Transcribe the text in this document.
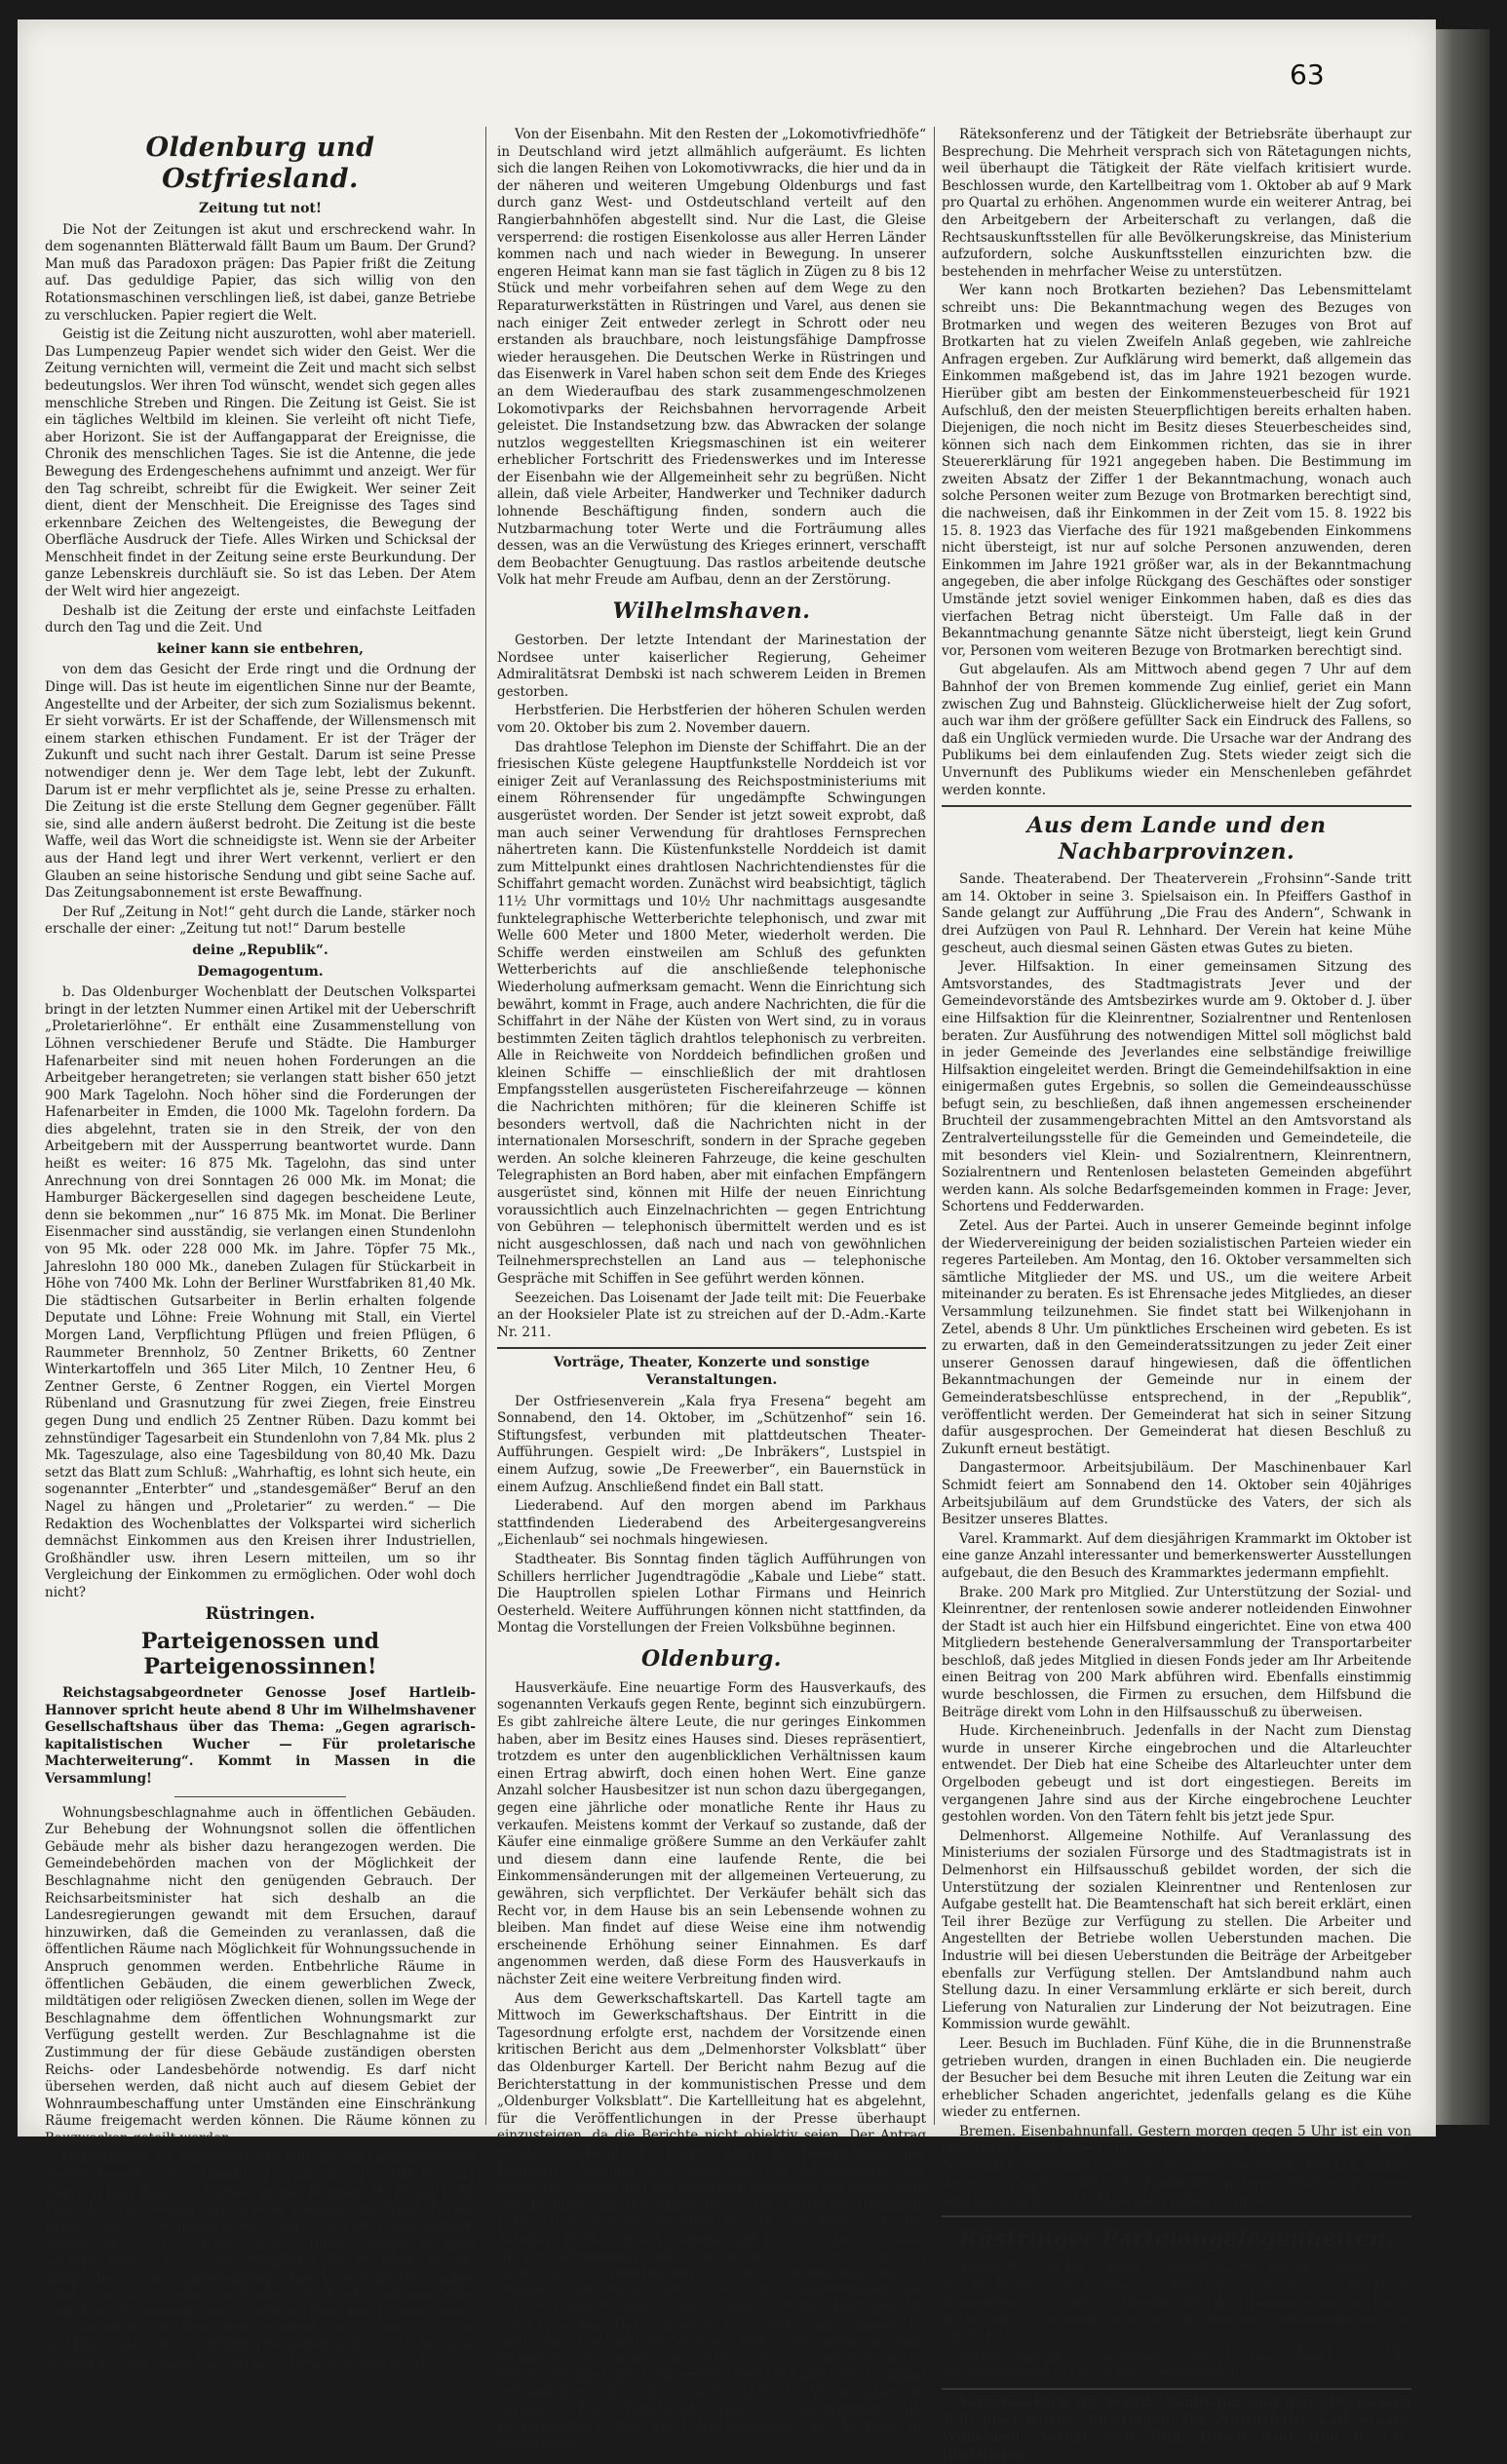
63
Oldenburg und Ostfriesland.
Zeitung tut not!

Die Not der Zeitungen ist akut und erschreckend wahr. In dem sogenannten Blätterwald fällt Baum um Baum. Der Grund? Man muß das Paradoxon prägen: Das Papier frißt die Zeitung auf. Das geduldige Papier, das sich willig von den Rotationsmaschinen verschlingen ließ, ist dabei, ganze Betriebe zu verschlucken. Papier regiert die Welt.

Geistig ist die Zeitung nicht auszurotten, wohl aber materiell. Das Lumpenzeug Papier wendet sich wider den Geist. Wer die Zeitung vernichten will, vermeint die Zeit und macht sich selbst bedeutungslos. Wer ihren Tod wünscht, wendet sich gegen alles menschliche Streben und Ringen. Die Zeitung ist Geist. Sie ist ein tägliches Weltbild im kleinen. Sie verleiht oft nicht Tiefe, aber Horizont. Sie ist der Auffangapparat der Ereignisse, die Chronik des menschlichen Tages. Sie ist die Antenne, die jede Bewegung des Erdengeschehens aufnimmt und anzeigt. Wer für den Tag schreibt, schreibt für die Ewigkeit. Wer seiner Zeit dient, dient der Menschheit. Die Ereignisse des Tages sind erkennbare Zeichen des Weltengeistes, die Bewegung der Oberfläche Ausdruck der Tiefe. Alles Wirken und Schicksal der Menschheit findet in der Zeitung seine erste Beurkundung. Der ganze Lebenskreis durchläuft sie. So ist das Leben. Der Atem der Welt wird hier angezeigt.

Deshalb ist die Zeitung der erste und einfachste Leitfaden durch den Tag und die Zeit. Und

keiner kann sie entbehren,

von dem das Gesicht der Erde ringt und die Ordnung der Dinge will. Das ist heute im eigentlichen Sinne nur der Beamte, Angestellte und der Arbeiter, der sich zum Sozialismus bekennt. Er sieht vorwärts. Er ist der Schaffende, der Willensmensch mit einem starken ethischen Fundament. Er ist der Träger der Zukunft und sucht nach ihrer Gestalt. Darum ist seine Presse notwendiger denn je. Wer dem Tage lebt, lebt der Zukunft. Darum ist er mehr verpflichtet als je, seine Presse zu erhalten. Die Zeitung ist die erste Stellung dem Gegner gegenüber. Fällt sie, sind alle andern äußerst bedroht. Die Zeitung ist die beste Waffe, weil das Wort die schneidigste ist. Wenn sie der Arbeiter aus der Hand legt und ihrer Wert verkennt, verliert er den Glauben an seine historische Sendung und gibt seine Sache auf. Das Zeitungsabonnement ist erste Bewaffnung.

Der Ruf „Zeitung in Not!“ geht durch die Lande, stärker noch erschalle der einer: „Zeitung tut not!“ Darum bestelle

deine „Republik“.
Demagogentum.

b. Das Oldenburger Wochenblatt der Deutschen Volkspartei bringt in der letzten Nummer einen Artikel mit der Ueberschrift „Proletarierlöhne“. Er enthält eine Zusammenstellung von Löhnen verschiedener Berufe und Städte. Die Hamburger Hafenarbeiter sind mit neuen hohen Forderungen an die Arbeitgeber herangetreten; sie verlangen statt bisher 650 jetzt 900 Mark Tagelohn. Noch höher sind die Forderungen der Hafenarbeiter in Emden, die 1000 Mk. Tagelohn fordern. Da dies abgelehnt, traten sie in den Streik, der von den Arbeitgebern mit der Aussperrung beantwortet wurde. Dann heißt es weiter: 16 875 Mk. Tagelohn, das sind unter Anrechnung von drei Sonntagen 26 000 Mk. im Monat; die Hamburger Bäckergesellen sind dagegen bescheidene Leute, denn sie bekommen „nur“ 16 875 Mk. im Monat. Die Berliner Eisenmacher sind ausständig, sie verlangen einen Stundenlohn von 95 Mk. oder 228 000 Mk. im Jahre. Töpfer 75 Mk., Jahreslohn 180 000 Mk., daneben Zulagen für Stückarbeit in Höhe von 7400 Mk. Lohn der Berliner Wurstfabriken 81,40 Mk. Die städtischen Gutsarbeiter in Berlin erhalten folgende Deputate und Löhne: Freie Wohnung mit Stall, ein Viertel Morgen Land, Verpflichtung Pflügen und freien Pflügen, 6 Raummeter Brennholz, 50 Zentner Briketts, 60 Zentner Winterkartoffeln und 365 Liter Milch, 10 Zentner Heu, 6 Zentner Gerste, 6 Zentner Roggen, ein Viertel Morgen Rübenland und Grasnutzung für zwei Ziegen, freie Einstreu gegen Dung und endlich 25 Zentner Rüben. Dazu kommt bei zehnstündiger Tagesarbeit ein Stundenlohn von 7,84 Mk. plus 2 Mk. Tageszulage, also eine Tagesbildung von 80,40 Mk. Dazu setzt das Blatt zum Schluß: „Wahrhaftig, es lohnt sich heute, ein sogenannter „Enterbter“ und „standesgemäßer“ Beruf an den Nagel zu hängen und „Proletarier“ zu werden.“ — Die Redaktion des Wochenblattes der Volkspartei wird sicherlich demnächst Einkommen aus den Kreisen ihrer Industriellen, Großhändler usw. ihren Lesern mitteilen, um so ihr Vergleichung der Einkommen zu ermöglichen. Oder wohl doch nicht?

Rüstringen.
Parteigenossen und Parteigenossinnen!

Reichstagsabgeordneter Genosse Josef Hartleib-Hannover spricht heute abend 8 Uhr im Wilhelmshavener Gesellschaftshaus über das Thema: „Gegen agrarisch-kapitalistischen Wucher — Für proletarische Machterweiterung“. Kommt in Massen in die Versammlung!

Wohnungsbeschlagnahme auch in öffentlichen Gebäuden. Zur Behebung der Wohnungsnot sollen die öffentlichen Gebäude mehr als bisher dazu herangezogen werden. Die Gemeindebehörden machen von der Möglichkeit der Beschlagnahme nicht den genügenden Gebrauch. Der Reichsarbeitsminister hat sich deshalb an die Landesregierungen gewandt mit dem Ersuchen, darauf hinzuwirken, daß die Gemeinden zu veranlassen, daß die öffentlichen Räume nach Möglichkeit für Wohnungssuchende in Anspruch genommen werden. Entbehrliche Räume in öffentlichen Gebäuden, die einem gewerblichen Zweck, mildtätigen oder religiösen Zwecken dienen, sollen im Wege der Beschlagnahme dem öffentlichen Wohnungsmarkt zur Verfügung gestellt werden. Zur Beschlagnahme ist die Zustimmung der für diese Gebäude zuständigen obersten Reichs- oder Landesbehörde notwendig. Es darf nicht übersehen werden, daß nicht auch auf diesem Gebiet der Wohnraumbeschaffung unter Umständen eine Einschränkung Räume freigemacht werden können. Die Räume können zu Bauzwecken geteilt werden.

Gartenbauverein Rüstersiel. Die von diesem gemeinnützigen Verein beschlossene Sammlung ergab bis 10. Oktober: 21 Zentner Kartoffeln, 2 Zentner grüne Bohnen, 10 Pfund Kohl, Kohlrabi, rote Beeten und anderes Gemüse, 80 Pfund Zirnen, Grieß, Reis, Suppenbohnen und 1½-Pfund-Schwarzbrot, ausgestellt 1335 Mark Bar. Ihren Verpflichtungen nachgekommen sind 16 der Mitglieder, die Spenden sind bis dahin den Vereins zugekommen. Die Verteilung der Gaben erfolgt am 20. Oktober bei Knabenwirt Ruhl. Annahmestellen sind: Fritz Bielenberg und Joh. Mittag, Rüstersiel. Armenpflege. Die Verteilung an Bedürftige erfolgte nach Listen, die der Wohlfahrtsbehörde zur Prüfung vorgelegt wurden. 19 Familien können mit dem Lagerbestand noch berücksichtigt werden.

Von der Eisenbahn. Mit den Resten der „Lokomotivfriedhöfe“ in Deutschland wird jetzt allmählich aufgeräumt. Es lichten sich die langen Reihen von Lokomotivwracks, die hier und da in der näheren und weiteren Umgebung Oldenburgs und fast durch ganz West- und Ostdeutschland verteilt auf den Rangierbahnhöfen abgestellt sind. Nur die Last, die Gleise versperrend: die rostigen Eisenkolosse aus aller Herren Länder kommen nach und nach wieder in Bewegung. In unserer engeren Heimat kann man sie fast täglich in Zügen zu 8 bis 12 Stück und mehr vorbeifahren sehen auf dem Wege zu den Reparaturwerkstätten in Rüstringen und Varel, aus denen sie nach einiger Zeit entweder zerlegt in Schrott oder neu erstanden als brauchbare, noch leistungsfähige Dampfrosse wieder herausgehen. Die Deutschen Werke in Rüstringen und das Eisenwerk in Varel haben schon seit dem Ende des Krieges an dem Wiederaufbau des stark zusammengeschmolzenen Lokomotivparks der Reichsbahnen hervorragende Arbeit geleistet. Die Instandsetzung bzw. das Abwracken der solange nutzlos weggestellten Kriegsmaschinen ist ein weiterer erheblicher Fortschritt des Friedenswerkes und im Interesse der Eisenbahn wie der Allgemeinheit sehr zu begrüßen. Nicht allein, daß viele Arbeiter, Handwerker und Techniker dadurch lohnende Beschäftigung finden, sondern auch die Nutzbarmachung toter Werte und die Forträumung alles dessen, was an die Verwüstung des Krieges erinnert, verschafft dem Beobachter Genugtuung. Das rastlos arbeitende deutsche Volk hat mehr Freude am Aufbau, denn an der Zerstörung.

Wilhelmshaven.

Gestorben. Der letzte Intendant der Marinestation der Nordsee unter kaiserlicher Regierung, Geheimer Admiralitätsrat Dembski ist nach schwerem Leiden in Bremen gestorben.

Herbstferien. Die Herbstferien der höheren Schulen werden vom 20. Oktober bis zum 2. November dauern.

Das drahtlose Telephon im Dienste der Schiffahrt. Die an der friesischen Küste gelegene Hauptfunkstelle Norddeich ist vor einiger Zeit auf Veranlassung des Reichspostministeriums mit einem Röhrensender für ungedämpfte Schwingungen ausgerüstet worden. Der Sender ist jetzt soweit exprobt, daß man auch seiner Verwendung für drahtloses Fernsprechen nähertreten kann. Die Küstenfunkstelle Norddeich ist damit zum Mittelpunkt eines drahtlosen Nachrichtendienstes für die Schiffahrt gemacht worden. Zunächst wird beabsichtigt, täglich 11½ Uhr vormittags und 10½ Uhr nachmittags ausgesandte funktelegraphische Wetterberichte telephonisch, und zwar mit Welle 600 Meter und 1800 Meter, wiederholt werden. Die Schiffe werden einstweilen am Schluß des gefunkten Wetterberichts auf die anschließende telephonische Wiederholung aufmerksam gemacht. Wenn die Einrichtung sich bewährt, kommt in Frage, auch andere Nachrichten, die für die Schiffahrt in der Nähe der Küsten von Wert sind, zu in voraus bestimmten Zeiten täglich drahtlos telephonisch zu verbreiten. Alle in Reichweite von Norddeich befindlichen großen und kleinen Schiffe — einschließlich der mit drahtlosen Empfangsstellen ausgerüsteten Fischereifahrzeuge — können die Nachrichten mithören; für die kleineren Schiffe ist besonders wertvoll, daß die Nachrichten nicht in der internationalen Morseschrift, sondern in der Sprache gegeben werden. An solche kleineren Fahrzeuge, die keine geschulten Telegraphisten an Bord haben, aber mit einfachen Empfängern ausgerüstet sind, können mit Hilfe der neuen Einrichtung voraussichtlich auch Einzelnachrichten — gegen Entrichtung von Gebühren — telephonisch übermittelt werden und es ist nicht ausgeschlossen, daß nach und nach von gewöhnlichen Teilnehmersprechstellen an Land aus — telephonische Gespräche mit Schiffen in See geführt werden können.

Seezeichen. Das Loisenamt der Jade teilt mit: Die Feuerbake an der Hooksieler Plate ist zu streichen auf der D.-Adm.-Karte Nr. 211.

Vorträge, Theater, Konzerte und sonstige Veranstaltungen.

Der Ostfriesenverein „Kala frya Fresena“ begeht am Sonnabend, den 14. Oktober, im „Schützenhof“ sein 16. Stiftungsfest, verbunden mit plattdeutschen Theater-Aufführungen. Gespielt wird: „De Inbräkers“, Lustspiel in einem Aufzug, sowie „De Freewerber“, ein Bauernstück in einem Aufzug. Anschließend findet ein Ball statt.

Liederabend. Auf den morgen abend im Parkhaus stattfindenden Liederabend des Arbeitergesangvereins „Eichenlaub“ sei nochmals hingewiesen.

Stadtheater. Bis Sonntag finden täglich Aufführungen von Schillers herrlicher Jugendtragödie „Kabale und Liebe“ statt. Die Hauptrollen spielen Lothar Firmans und Heinrich Oesterheld. Weitere Aufführungen können nicht stattfinden, da Montag die Vorstellungen der Freien Volksbühne beginnen.

Oldenburg.

Hausverkäufe. Eine neuartige Form des Hausverkaufs, des sogenannten Verkaufs gegen Rente, beginnt sich einzubürgern. Es gibt zahlreiche ältere Leute, die nur geringes Einkommen haben, aber im Besitz eines Hauses sind. Dieses repräsentiert, trotzdem es unter den augenblicklichen Verhältnissen kaum einen Ertrag abwirft, doch einen hohen Wert. Eine ganze Anzahl solcher Hausbesitzer ist nun schon dazu übergegangen, gegen eine jährliche oder monatliche Rente ihr Haus zu verkaufen. Meistens kommt der Verkauf so zustande, daß der Käufer eine einmalige größere Summe an den Verkäufer zahlt und diesem dann eine laufende Rente, die bei Einkommensänderungen mit der allgemeinen Verteuerung, zu gewähren, sich verpflichtet. Der Verkäufer behält sich das Recht vor, in dem Hause bis an sein Lebensende wohnen zu bleiben. Man findet auf diese Weise eine ihm notwendig erscheinende Erhöhung seiner Einnahmen. Es darf angenommen werden, daß diese Form des Hausverkaufs in nächster Zeit eine weitere Verbreitung finden wird.

Aus dem Gewerkschaftskartell. Das Kartell tagte am Mittwoch im Gewerkschaftshaus. Der Eintritt in die Tagesordnung erfolgte erst, nachdem der Vorsitzende einen kritischen Bericht aus dem „Delmenhorster Volksblatt“ über das Oldenburger Kartell. Der Bericht nahm Bezug auf die Berichterstattung in der kommunistischen Presse und dem „Oldenburger Volksblatt“. Die Kartellleitung hat es abgelehnt, für die Veröffentlichungen in der Presse überhaupt einzusteigen, da die Berichte nicht objektiv seien. Der Antrag wurde abgelehnt. Es folgte dann die Bekanntgabe der Eingänge, darunter das Schreiben des Ministeriums der sozialen Fürsorge und das Schreiben betreffend die Gewährung von Beihilfen an die Arbeitslosen. Die Vertreter Heilmann, Peters und Graeger sprachen für die Beteiligung an den Arbeiten, Müller sprach dagegen und forderte, daß der Staat für die Arbeitslosen mehr tun müsse. Es wurde ein Antrag Peters mit der Begründung, daß die Arbeiterkreise bei der jetzigen Teuerung die größte Not litten, angenommen. Die Vertreter sollten dahin wirken, daß die Unterstützungssätze erhöht würden. Der Antrag Peters wurde angenommen. Es folgte dann die Wahl der Vertreter zum Schlichtungsausschuß. Es wurde beschlossen, daß die Frage der Berichterstattung in der Presse über die Lohnbewegungen im Kartell noch einmal verhandelt werden soll. Man beschloß, die Versammlung zu vertagen. Der Vorsitzende hat es übernommen, die Richterstattung über die Lohnbewegungen der Betriebsräte abzuwarten.

Räteksonferenz und der Tätigkeit der Betriebsräte überhaupt zur Besprechung. Die Mehrheit versprach sich von Rätetagungen nichts, weil überhaupt die Tätigkeit der Räte vielfach kritisiert wurde. Beschlossen wurde, den Kartellbeitrag vom 1. Oktober ab auf 9 Mark pro Quartal zu erhöhen. Angenommen wurde ein weiterer Antrag, bei den Arbeitgebern der Arbeiterschaft zu verlangen, daß die Rechtsauskunftsstellen für alle Bevölkerungskreise, das Ministerium aufzufordern, solche Auskunftsstellen einzurichten bzw. die bestehenden in mehrfacher Weise zu unterstützen.

Wer kann noch Brotkarten beziehen? Das Lebensmittelamt schreibt uns: Die Bekanntmachung wegen des Bezuges von Brotmarken und wegen des weiteren Bezuges von Brot auf Brotkarten hat zu vielen Zweifeln Anlaß gegeben, wie zahlreiche Anfragen ergeben. Zur Aufklärung wird bemerkt, daß allgemein das Einkommen maßgebend ist, das im Jahre 1921 bezogen wurde. Hierüber gibt am besten der Einkommensteuerbescheid für 1921 Aufschluß, den der meisten Steuerpflichtigen bereits erhalten haben. Diejenigen, die noch nicht im Besitz dieses Steuerbescheides sind, können sich nach dem Einkommen richten, das sie in ihrer Steuererklärung für 1921 angegeben haben. Die Bestimmung im zweiten Absatz der Ziffer 1 der Bekanntmachung, wonach auch solche Personen weiter zum Bezuge von Brotmarken berechtigt sind, die nachweisen, daß ihr Einkommen in der Zeit vom 15. 8. 1922 bis 15. 8. 1923 das Vierfache des für 1921 maßgebenden Einkommens nicht übersteigt, ist nur auf solche Personen anzuwenden, deren Einkommen im Jahre 1921 größer war, als in der Bekanntmachung angegeben, die aber infolge Rückgang des Geschäftes oder sonstiger Umstände jetzt soviel weniger Einkommen haben, daß es dies das vierfachen Betrag nicht übersteigt. Um Falle daß in der Bekanntmachung genannte Sätze nicht übersteigt, liegt kein Grund vor, Personen vom weiteren Bezuge von Brotmarken berechtigt sind.

Gut abgelaufen. Als am Mittwoch abend gegen 7 Uhr auf dem Bahnhof der von Bremen kommende Zug einlief, geriet ein Mann zwischen Zug und Bahnsteig. Glücklicherweise hielt der Zug sofort, auch war ihm der größere gefüllter Sack ein Eindruck des Fallens, so daß ein Unglück vermieden wurde. Die Ursache war der Andrang des Publikums bei dem einlaufenden Zug. Stets wieder zeigt sich die Unvernunft des Publikums wieder ein Menschenleben gefährdet werden konnte.

Aus dem Lande und den Nachbarprovinzen.

Sande. Theaterabend. Der Theaterverein „Frohsinn“-Sande tritt am 14. Oktober in seine 3. Spielsaison ein. In Pfeiffers Gasthof in Sande gelangt zur Aufführung „Die Frau des Andern“, Schwank in drei Aufzügen von Paul R. Lehnhard. Der Verein hat keine Mühe gescheut, auch diesmal seinen Gästen etwas Gutes zu bieten.

Jever. Hilfsaktion. In einer gemeinsamen Sitzung des Amtsvorstandes, des Stadtmagistrats Jever und der Gemeindevorstände des Amtsbezirkes wurde am 9. Oktober d. J. über eine Hilfsaktion für die Kleinrentner, Sozialrentner und Rentenlosen beraten. Zur Ausführung des notwendigen Mittel soll möglichst bald in jeder Gemeinde des Jeverlandes eine selbständige freiwillige Hilfsaktion eingeleitet werden. Bringt die Gemeindehilfsaktion in eine einigermaßen gutes Ergebnis, so sollen die Gemeindeausschüsse befugt sein, zu beschließen, daß ihnen angemessen erscheinender Bruchteil der zusammengebrachten Mittel an den Amtsvorstand als Zentralverteilungsstelle für die Gemeinden und Gemeindeteile, die mit besonders viel Klein- und Sozialrentnern, Kleinrentnern, Sozialrentnern und Rentenlosen belasteten Gemeinden abgeführt werden kann. Als solche Bedarfsgemeinden kommen in Frage: Jever, Schortens und Fedderwarden.

Zetel. Aus der Partei. Auch in unserer Gemeinde beginnt infolge der Wiedervereinigung der beiden sozialistischen Parteien wieder ein regeres Parteileben. Am Montag, den 16. Oktober versammelten sich sämtliche Mitglieder der MS. und US., um die weitere Arbeit miteinander zu beraten. Es ist Ehrensache jedes Mitgliedes, an dieser Versammlung teilzunehmen. Sie findet statt bei Wilkenjohann in Zetel, abends 8 Uhr. Um pünktliches Erscheinen wird gebeten. Es ist zu erwarten, daß in den Gemeinderatssitzungen zu jeder Zeit einer unserer Genossen darauf hingewiesen, daß die öffentlichen Bekanntmachungen der Gemeinde nur in einem der Gemeinderatsbeschlüsse entsprechend, in der „Republik“, veröffentlicht werden. Der Gemeinderat hat sich in seiner Sitzung dafür ausgesprochen. Der Gemeinderat hat diesen Beschluß zu Zukunft erneut bestätigt.

Dangastermoor. Arbeitsjubiläum. Der Maschinenbauer Karl Schmidt feiert am Sonnabend den 14. Oktober sein 40jähriges Arbeitsjubiläum auf dem Grundstücke des Vaters, der sich als Besitzer unseres Blattes.

Varel. Krammarkt. Auf dem diesjährigen Krammarkt im Oktober ist eine ganze Anzahl interessanter und bemerkenswerter Ausstellungen aufgebaut, die den Besuch des Krammarktes jedermann empfiehlt.

Brake. 200 Mark pro Mitglied. Zur Unterstützung der Sozial- und Kleinrentner, der rentenlosen sowie anderer notleidenden Einwohner der Stadt ist auch hier ein Hilfsbund eingerichtet. Eine von etwa 400 Mitgliedern bestehende Generalversammlung der Transportarbeiter beschloß, daß jedes Mitglied in diesen Fonds jeder am Ihr Arbeitende einen Beitrag von 200 Mark abführen wird. Ebenfalls einstimmig wurde beschlossen, die Firmen zu ersuchen, dem Hilfsbund die Beiträge direkt vom Lohn in den Hilfsausschuß zu überweisen.

Hude. Kircheneinbruch. Jedenfalls in der Nacht zum Dienstag wurde in unserer Kirche eingebrochen und die Altarleuchter entwendet. Der Dieb hat eine Scheibe des Altarleuchter unter dem Orgelboden gebeugt und ist dort eingestiegen. Bereits im vergangenen Jahre sind aus der Kirche eingebrochene Leuchter gestohlen worden. Von den Tätern fehlt bis jetzt jede Spur.

Delmenhorst. Allgemeine Nothilfe. Auf Veranlassung des Ministeriums der sozialen Fürsorge und des Stadtmagistrats ist in Delmenhorst ein Hilfsausschuß gebildet worden, der sich die Unterstützung der sozialen Kleinrentner und Rentenlosen zur Aufgabe gestellt hat. Die Beamtenschaft hat sich bereit erklärt, einen Teil ihrer Bezüge zur Verfügung zu stellen. Die Arbeiter und Angestellten der Betriebe wollen Ueberstunden machen. Die Industrie will bei diesen Ueberstunden die Beiträge der Arbeitgeber ebenfalls zur Verfügung stellen. Der Amtslandbund nahm auch Stellung dazu. In einer Versammlung erklärte er sich bereit, durch Lieferung von Naturalien zur Linderung der Not beizutragen. Eine Kommission wurde gewählt.

Leer. Besuch im Buchladen. Fünf Kühe, die in die Brunnenstraße getrieben wurden, drangen in einen Buchladen ein. Die neugierde der Besucher bei dem Besuche mit ihren Leuten die Zeitung war ein erheblicher Schaden angerichtet, jedenfalls gelang es die Kühe wieder zu entfernen.

Bremen. Eisenbahnunfall. Gestern morgen gegen 5 Uhr ist ein von Oldenburg kommender Güterzug in Bremen mit einem von Bremen-Neustadt kommenden Güterzug zusammengestoßen. Die Lokomotive des einen Zuges wurde in die Flanke des anderen gefahren. Personen sind nicht verletzt, der Materialschaden ist groß.

Rüstringer Parteiangelegenheiten.

Arbeiterjugend Rüstringen - Wilhelmshaven. Alle Jugendgenossen, welche Karten zum Verkauf erhalten haben, müssen vor der Feier, mindestens ½ Stunde vor Beginn, mit dem Kassierer an der Kasse abrechnen. — Montag abend 8 Uhr: Bezirksführerversammlung im Partei-Büro.

Arbeiterjugend Neuengroden. Am Freitag abend 7½ Uhr Zusammenkunft in der Schule Neuengroden.

Verantwortlich für Politik, Feuilleton und den allgemeinen Teil: Josef Kliche, Rüstringen; für Provinzielles Karl Schatz, Wilhelmsh. Verlag Paul Hug, Druck Paul Hug u. Co., Rüstringen.
